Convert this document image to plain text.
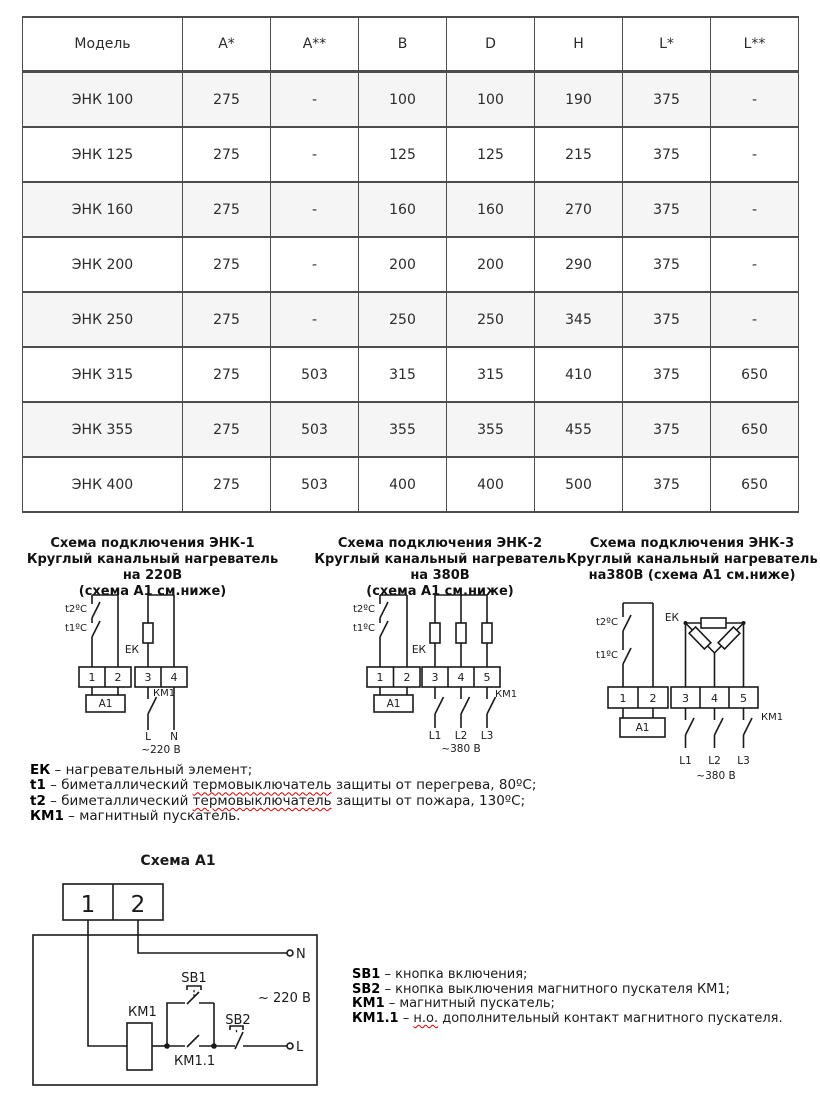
Модель	A*	A**	B	D	H	L*	L**
ЭНК 100	275	-	100	100	190	375	-
ЭНК 125	275	-	125	125	215	375	-
ЭНК 160	275	-	160	160	270	375	-
ЭНК 200	275	-	200	200	290	375	-
ЭНК 250	275	-	250	250	345	375	-
ЭНК 315	275	503	315	315	410	375	650
ЭНК 355	275	503	355	355	455	375	650
ЭНК 400	275	503	400	400	500	375	650
Схема подключения ЭНК-1
Круглый канальный нагреватель на 220В
(схема А1 см.ниже)
Схема подключения ЭНК-2
Круглый канальный нагреватель на 380В
(схема А1 см.ниже)
Схема подключения ЭНК-3
Круглый канальный нагреватель
на380В (схема А1 см.ниже)
t2ºC
t1ºC
ЕК
1 2 3 4
А1
КМ1
L N
~220 В
t2ºC
t1ºC
ЕК
1 2 3 4 5
А1
КМ1
L1 L2 L3
~380 В
t2ºC
t1ºC
ЕК
1 2 3 4 5
А1
КМ1
L1 L2 L3
~380 В
ЕК – нагревательный элемент;
t1 – биметаллический термовыключатель защиты от перегрева, 80ºС;
t2 – биметаллический термовыключатель защиты от пожара, 130ºС;
КМ1 – магнитный пускатель.
Схема А1
1 2
N
КМ1
SB1
КМ1.1
SB2
L
~ 220 В
SB1 – кнопка включения;
SB2 – кнопка выключения магнитного пускателя КМ1;
КМ1 – магнитный пускатель;
КМ1.1 – н.о. дополнительный контакт магнитного пускателя.
